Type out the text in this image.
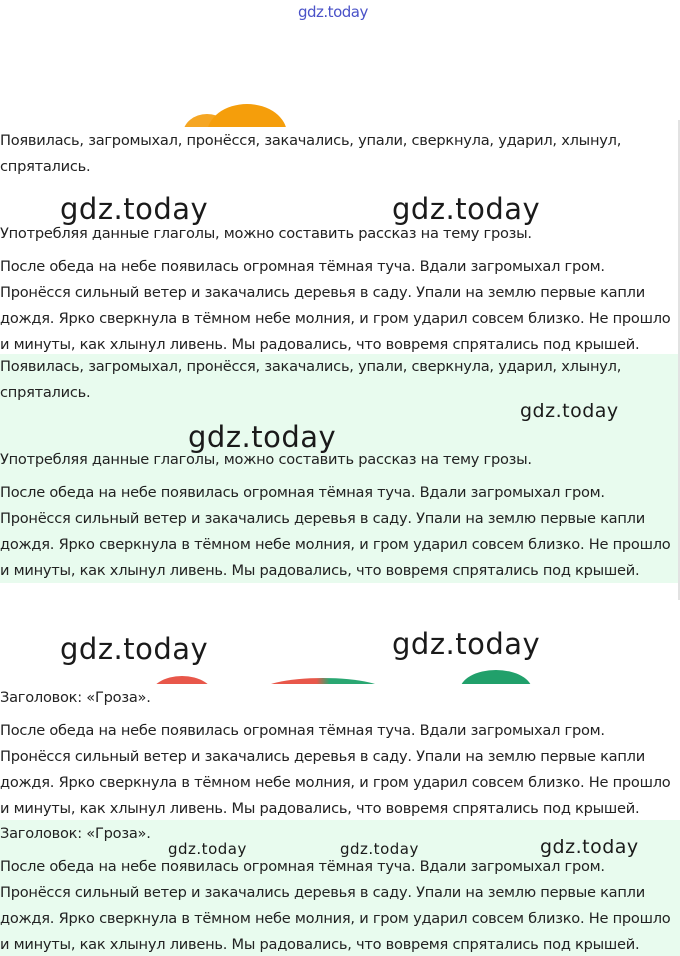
gdz.today

Появилась, загромыхал, пронёсся, закачались, упали, сверкнула, ударил, хлынул,

спрятались.

Употребляя данные глаголы, можно составить рассказ на тему грозы.

После обеда на небе появилась огромная тёмная туча. Вдали загромыхал гром.

Пронёсся сильный ветер и закачались деревья в саду. Упали на землю первые капли

дождя. Ярко сверкнула в тёмном небе молния, и гром ударил совсем близко. Не прошло

и минуты, как хлынул ливень. Мы радовались, что вовремя спрятались под крышей.

Появилась, загромыхал, пронёсся, закачались, упали, сверкнула, ударил, хлынул,

спрятались.

Употребляя данные глаголы, можно составить рассказ на тему грозы.

После обеда на небе появилась огромная тёмная туча. Вдали загромыхал гром.

Пронёсся сильный ветер и закачались деревья в саду. Упали на землю первые капли

дождя. Ярко сверкнула в тёмном небе молния, и гром ударил совсем близко. Не прошло

и минуты, как хлынул ливень. Мы радовались, что вовремя спрятались под крышей.

Заголовок: «Гроза».

После обеда на небе появилась огромная тёмная туча. Вдали загромыхал гром.

Пронёсся сильный ветер и закачались деревья в саду. Упали на землю первые капли

дождя. Ярко сверкнула в тёмном небе молния, и гром ударил совсем близко. Не прошло

и минуты, как хлынул ливень. Мы радовались, что вовремя спрятались под крышей.

Заголовок: «Гроза».

После обеда на небе появилась огромная тёмная туча. Вдали загромыхал гром.

Пронёсся сильный ветер и закачались деревья в саду. Упали на землю первые капли

дождя. Ярко сверкнула в тёмном небе молния, и гром ударил совсем близко. Не прошло

и минуты, как хлынул ливень. Мы радовались, что вовремя спрятались под крышей.

gdz.today	gdz.today
gdz.today
gdz.today
gdz.today	gdz.today
gdz.today	gdz.today	gdz.today
